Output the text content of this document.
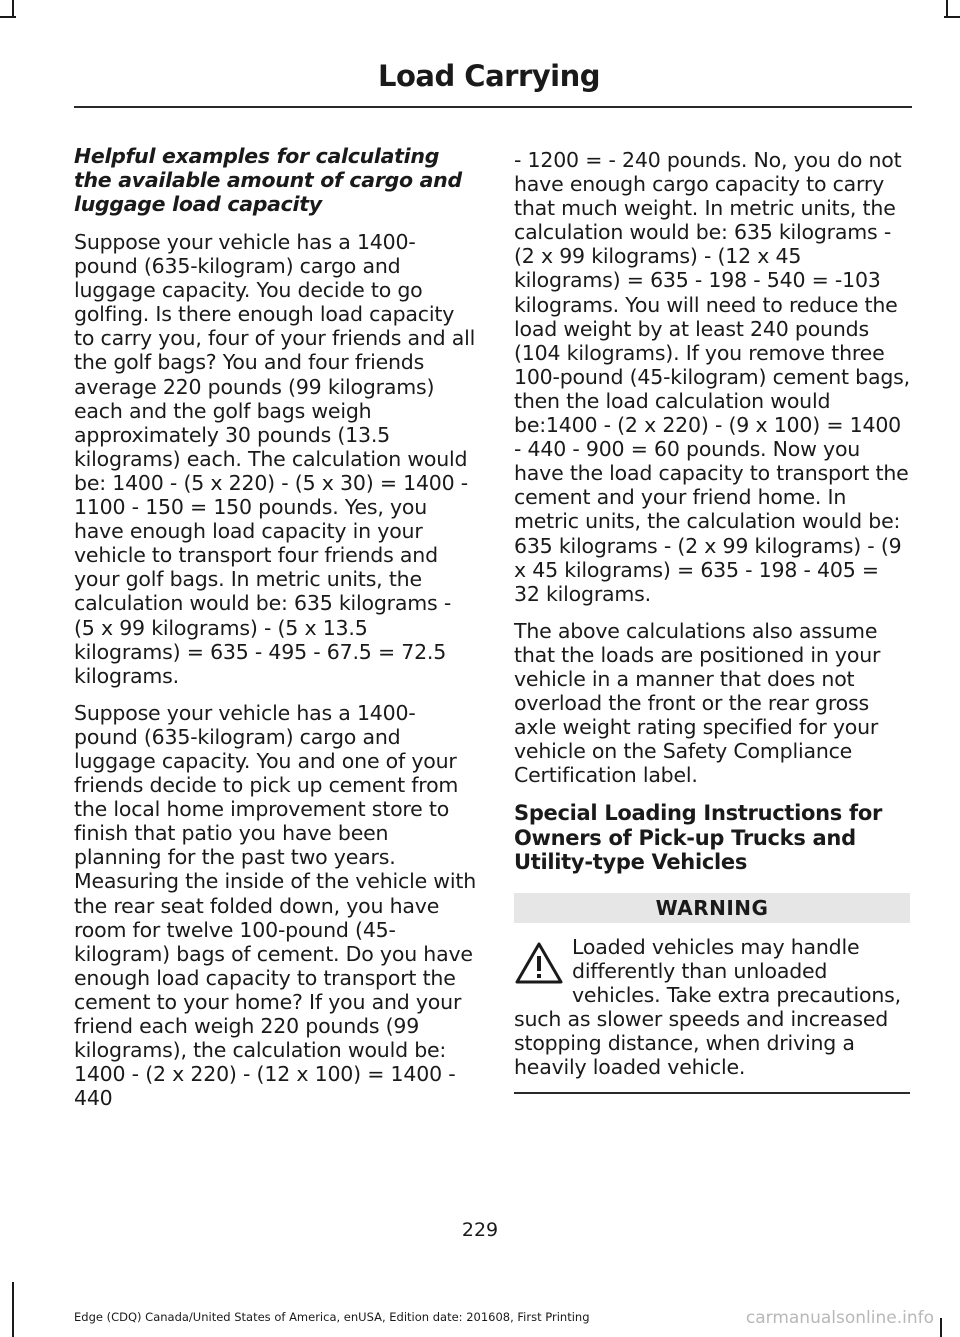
Load Carrying
Helpful examples for calculating the available amount of cargo and luggage load capacity

Suppose your vehicle has a 1400-pound (635-kilogram) cargo and luggage capacity. You decide to go golfing. Is there enough load capacity to carry you, four of your friends and all the golf bags? You and four friends average 220 pounds (99 kilograms) each and the golf bags weigh approximately 30 pounds (13.5 kilograms) each. The calculation would be: 1400 - (5 x 220) - (5 x 30) = 1400 - 1100 - 150 = 150 pounds. Yes, you have enough load capacity in your vehicle to transport four friends and your golf bags. In metric units, the calculation would be: 635 kilograms - (5 x 99 kilograms) - (5 x 13.5 kilograms) = 635 - 495 - 67.5 = 72.5 kilograms.

Suppose your vehicle has a 1400-pound (635-kilogram) cargo and luggage capacity. You and one of your friends decide to pick up cement from the local home improvement store to finish that patio you have been planning for the past two years. Measuring the inside of the vehicle with the rear seat folded down, you have room for twelve 100-pound (45-kilogram) bags of cement. Do you have enough load capacity to transport the cement to your home? If you and your friend each weigh 220 pounds (99 kilograms), the calculation would be: 1400 - (2 x 220) - (12 x 100) = 1400 - 440

- 1200 = - 240 pounds. No, you do not have enough cargo capacity to carry that much weight. In metric units, the calculation would be: 635 kilograms - (2 x 99 kilograms) - (12 x 45 kilograms) = 635 - 198 - 540 = -103 kilograms. You will need to reduce the load weight by at least 240 pounds (104 kilograms). If you remove three 100-pound (45-kilogram) cement bags, then the load calculation would be:1400 - (2 x 220) - (9 x 100) = 1400 - 440 - 900 = 60 pounds. Now you have the load capacity to transport the cement and your friend home. In metric units, the calculation would be: 635 kilograms - (2 x 99 kilograms) - (9 x 45 kilograms) = 635 - 198 - 405 = 32 kilograms.

The above calculations also assume that the loads are positioned in your vehicle in a manner that does not overload the front or the rear gross axle weight rating specified for your vehicle on the Safety Compliance Certification label.

Special Loading Instructions for Owners of Pick-up Trucks and Utility-type Vehicles
WARNING
Loaded vehicles may handle differently than unloaded vehicles. Take extra precautions, such as slower speeds and increased stopping distance, when driving a heavily loaded vehicle.
229
Edge (CDQ) Canada/United States of America, enUSA, Edition date: 201608, First Printing	carmanualsonline.info
